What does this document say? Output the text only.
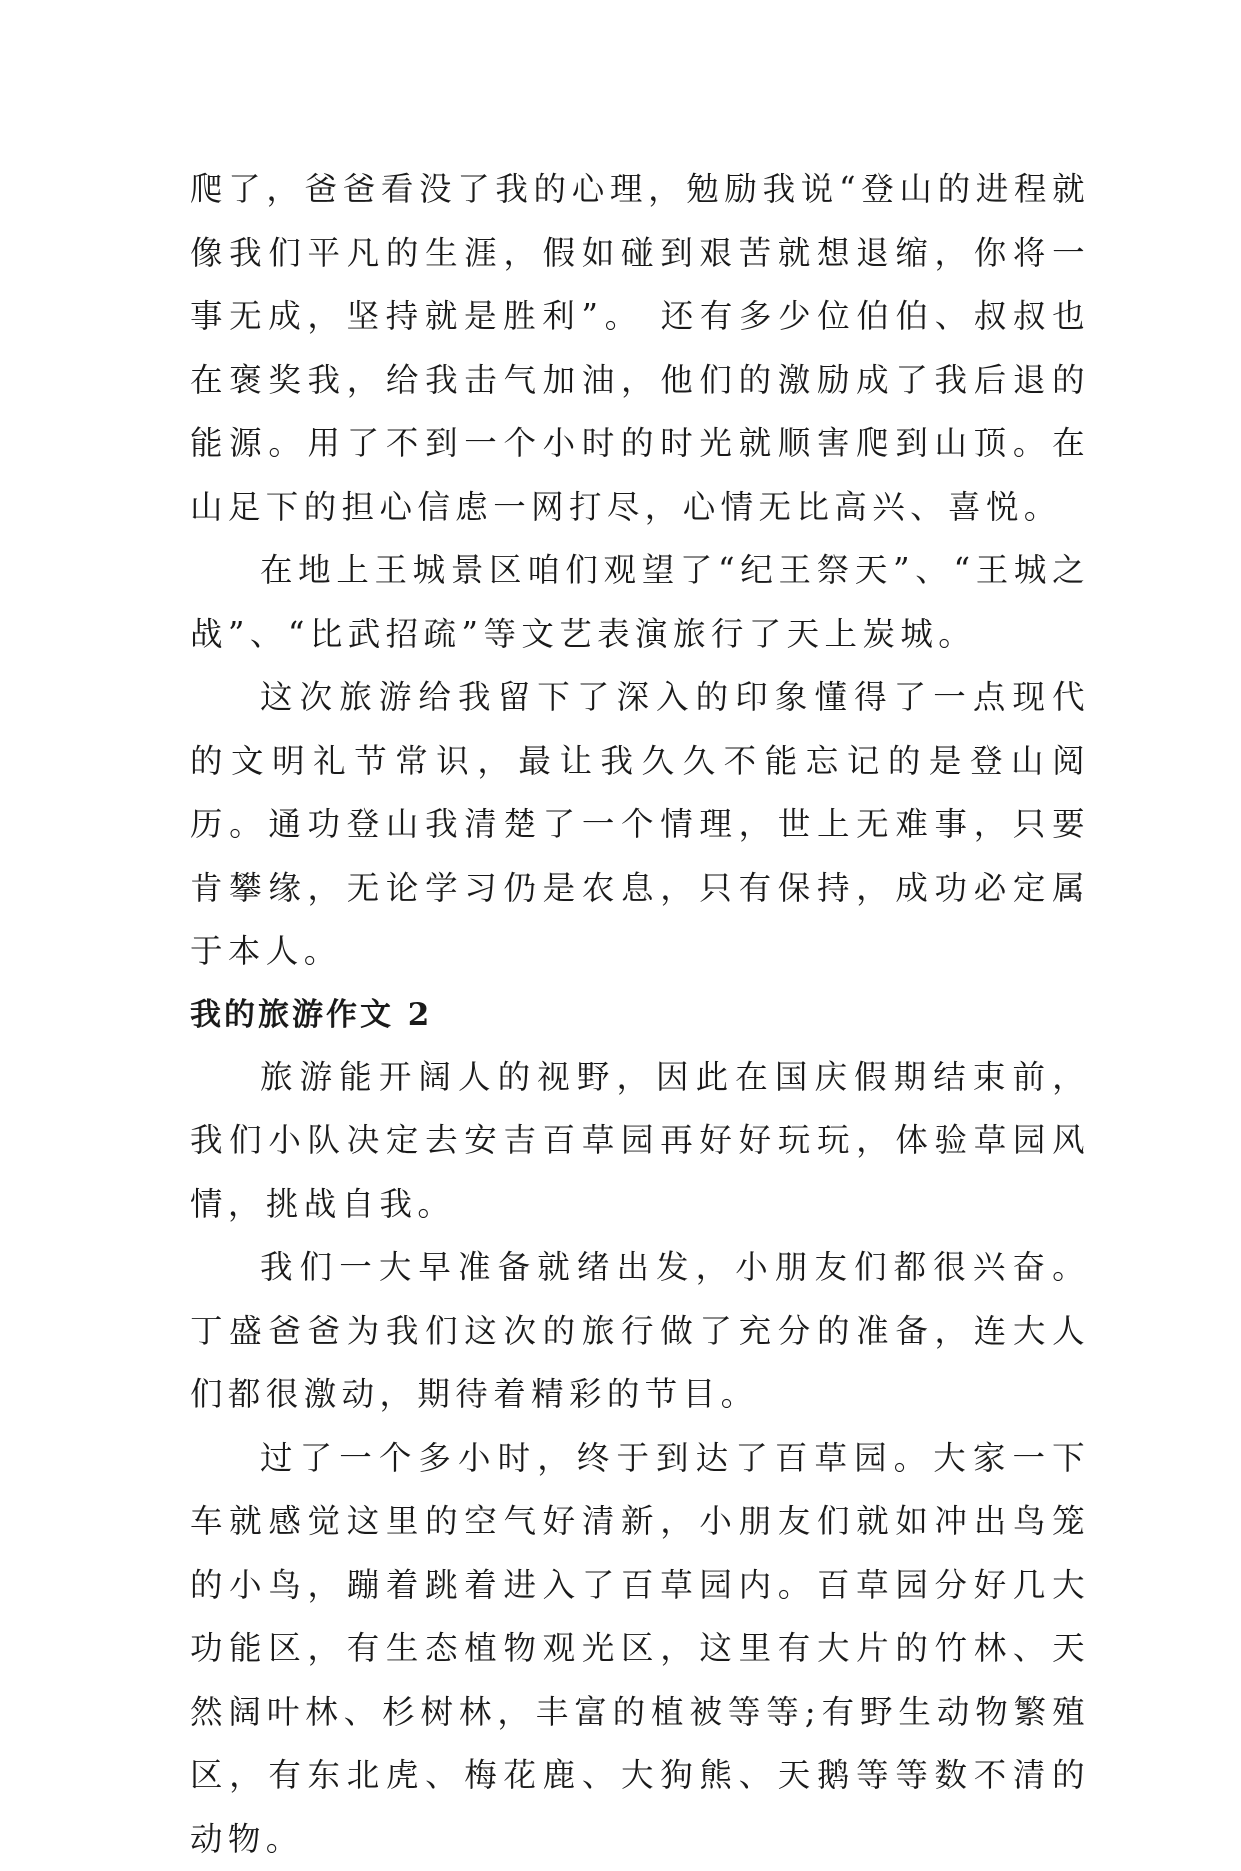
爬了，爸爸看没了我的心理，勉励我说“登山的进程就像我们平凡的生涯，假如碰到艰苦就想退缩，你将一事无成，坚持就是胜利”。 还有多少位伯伯、叔叔也在褒奖我，给我击气加油，他们的激励成了我后退的能源。用了不到一个小时的时光就顺害爬到山顶。在山足下的担心信虑一网打尽，心情无比高兴、喜悦。

在地上王城景区咱们观望了“纪王祭天”、“王城之战”、“比武招疏”等文艺表演旅行了天上炭城。

这次旅游给我留下了深入的印象懂得了一点现代的文明礼节常识，最让我久久不能忘记的是登山阅历。通功登山我清楚了一个情理，世上无难事，只要肯攀缘，无论学习仍是农息，只有保持，成功必定属于本人。

我的旅游作文 2

旅游能开阔人的视野，因此在国庆假期结束前，我们小队决定去安吉百草园再好好玩玩，体验草园风情，挑战自我。

我们一大早准备就绪出发，小朋友们都很兴奋。丁盛爸爸为我们这次的旅行做了充分的准备，连大人们都很激动，期待着精彩的节目。

过了一个多小时，终于到达了百草园。大家一下车就感觉这里的空气好清新，小朋友们就如冲出鸟笼的小鸟，蹦着跳着进入了百草园内。百草园分好几大功能区，有生态植物观光区，这里有大片的竹林、天然阔叶林、杉树林，丰富的植被等等;有野生动物繁殖区，有东北虎、梅花鹿、大狗熊、天鹅等等数不清的动物。
